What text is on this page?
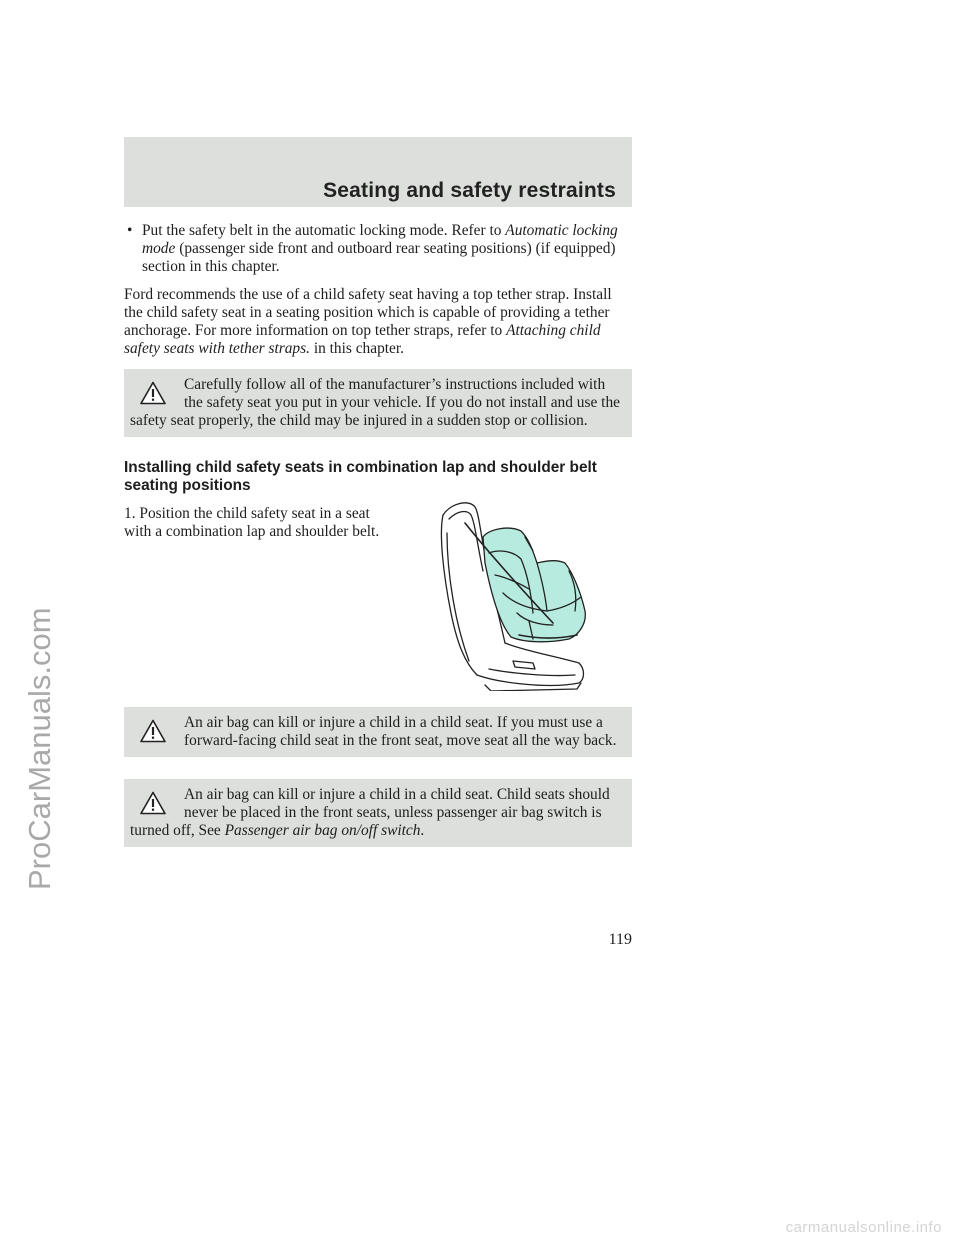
ProCarManuals.com
Seating and safety restraints
• Put the safety belt in the automatic locking mode. Refer to Automatic locking mode (passenger side front and outboard rear seating positions) (if equipped) section in this chapter.

Ford recommends the use of a child safety seat having a top tether strap. Install the child safety seat in a seating position which is capable of providing a tether anchorage. For more information on top tether straps, refer to Attaching child safety seats with tether straps. in this chapter.

Carefully follow all of the manufacturer’s instructions included with the safety seat you put in your vehicle. If you do not install and use the safety seat properly, the child may be injured in a sudden stop or collision.

Installing child safety seats in combination lap and shoulder belt seating positions

1. Position the child safety seat in a seat with a combination lap and shoulder belt.

An air bag can kill or injure a child in a child seat. If you must use a forward-facing child seat in the front seat, move seat all the way back.

An air bag can kill or injure a child in a child seat. Child seats should never be placed in the front seats, unless passenger air bag switch is turned off, See Passenger air bag on/off switch.

119

carmanualsonline.info
